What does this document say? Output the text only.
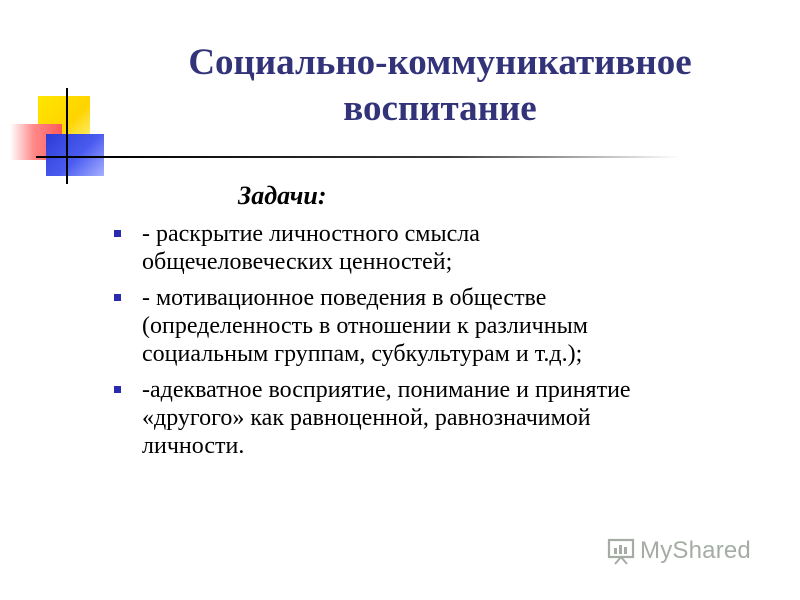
Социально-коммуникативное
воспитание

Задачи:

- раскрытие личностного смысла
общечеловеческих ценностей;
- мотивационное поведения в обществе
(определенность в отношении к различным
социальным группам, субкультурам и т.д.);
-адекватное восприятие, понимание и принятие
«другого» как равноценной, равнозначимой
личности.
MyShared
